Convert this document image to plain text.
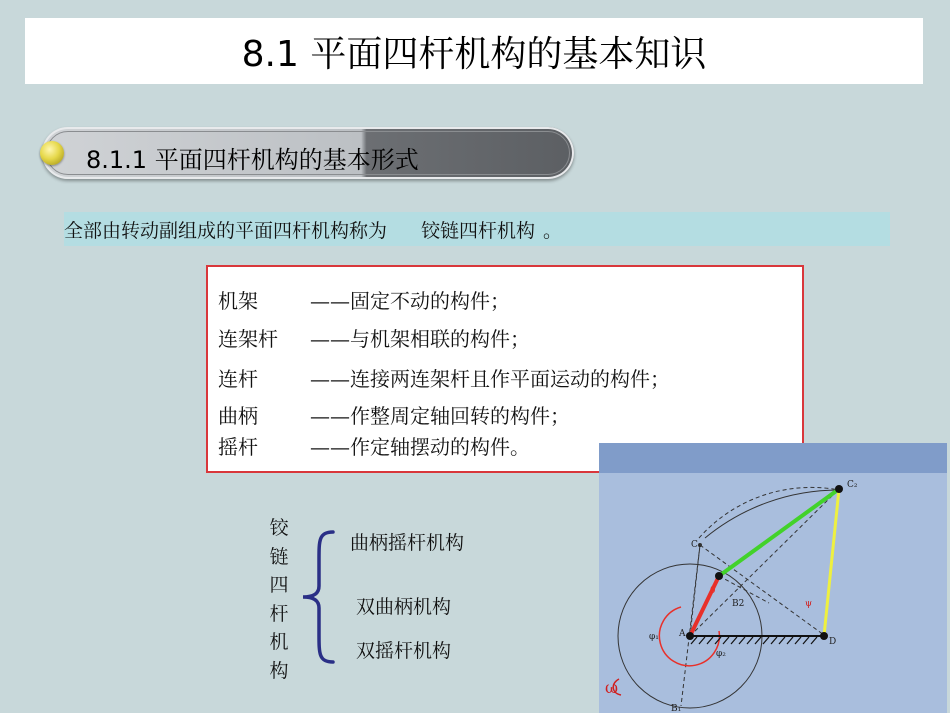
8.1 平面四杆机构的基本知识
8.1.1 平面四杆机构的基本形式
全部由转动副组成的平面四杆机构称为 铰链四杆机构 。
机架	——固定不动的构件；
连架杆	——与机架相联的构件；
连杆	——连接两连架杆且作平面运动的构件；
曲柄	——作整周定轴回转的构件；
摇杆	——作定轴摆动的构件。
铰
链
四
杆
机
构
曲柄摇杆机构
双曲柄机构
双摇杆机构
C₂
C₁
θ
B2	ψ
A
φ₁
φ₂
D
B₁
ω
